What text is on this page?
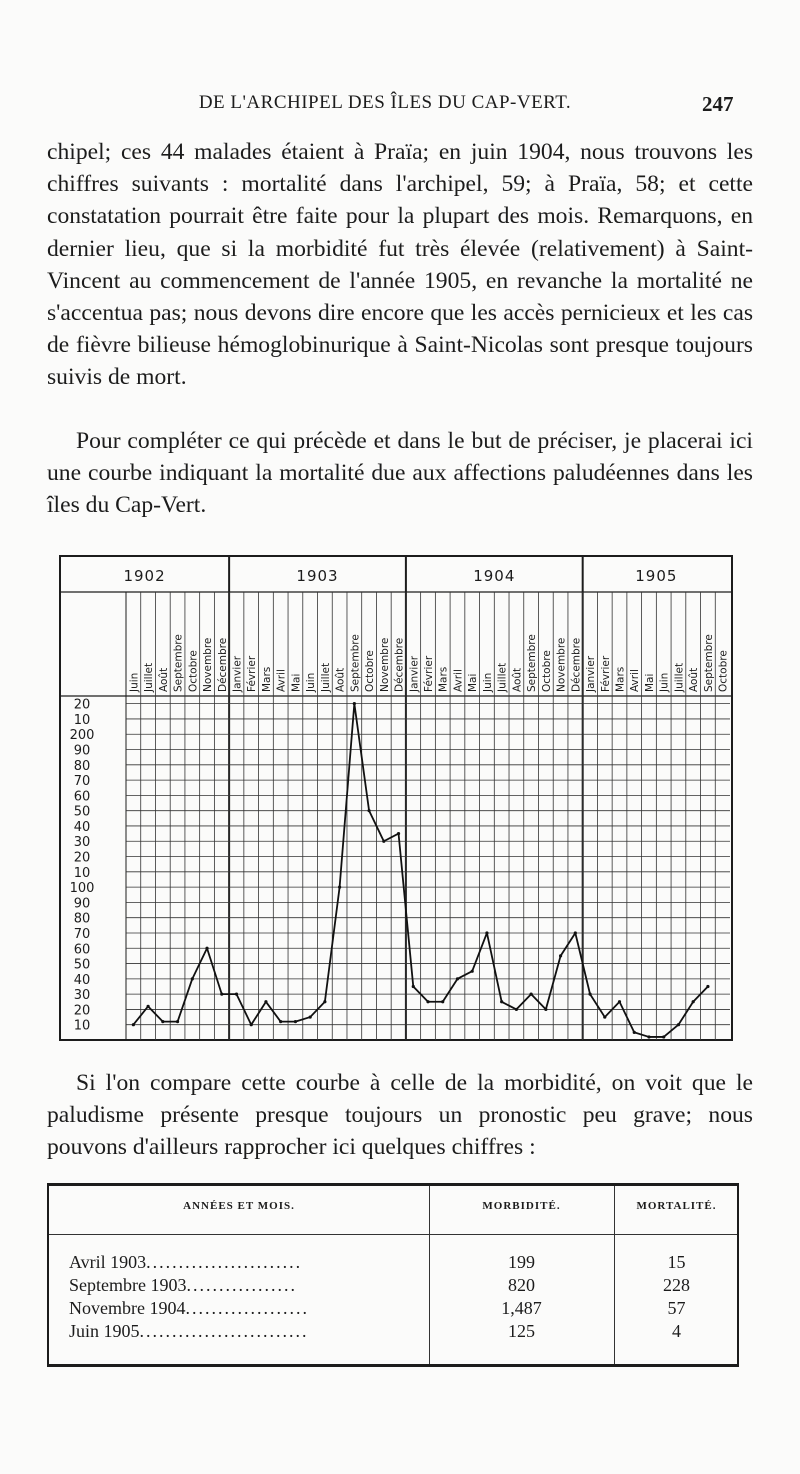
DE L'ARCHIPEL DES ÎLES DU CAP-VERT.	247

chipel; ces 44 malades étaient à Praïa; en juin 1904, nous trouvons les chiffres suivants : mortalité dans l'archipel, 59; à Praïa, 58; et cette constatation pourrait être faite pour la plupart des mois. Remarquons, en dernier lieu, que si la morbidité fut très élevée (relativement) à Saint-Vincent au commencement de l'année 1905, en revanche la mortalité ne s'accentua pas; nous devons dire encore que les accès pernicieux et les cas de fièvre bilieuse hémoglobinurique à Saint-Nicolas sont presque toujours suivis de mort.

Pour compléter ce qui précède et dans le but de préciser, je placerai ici une courbe indiquant la mortalité due aux affections paludéennes dans les îles du Cap-Vert.

1902	1903	1904	1905
Juin Juillet Août Septembre Octobre Novembre Décembre Janvier Février Mars Avril Mai Juin Juillet Août Septembre Octobre Novembre Décembre Janvier Février Mars Avril Mai Juin Juillet Août Septembre Octobre Novembre Décembre Janvier Février Mars Avril Mai Juin Juillet Août Septembre Octobre
20
10
200
90
80
70
60
50
40
30
20
10
100
90
80
70
60
50
40
30
20
10

Si l'on compare cette courbe à celle de la morbidité, on voit que le paludisme présente presque toujours un pronostic peu grave; nous pouvons d'ailleurs rapprocher ici quelques chiffres :

ANNÉES ET MOIS.	MORBIDITÉ.	MORTALITÉ.
Avril 1903........................	199	15
Septembre 1903.................	820	228
Novembre 1904...................	1,487	57
Juin 1905..........................	125	4
